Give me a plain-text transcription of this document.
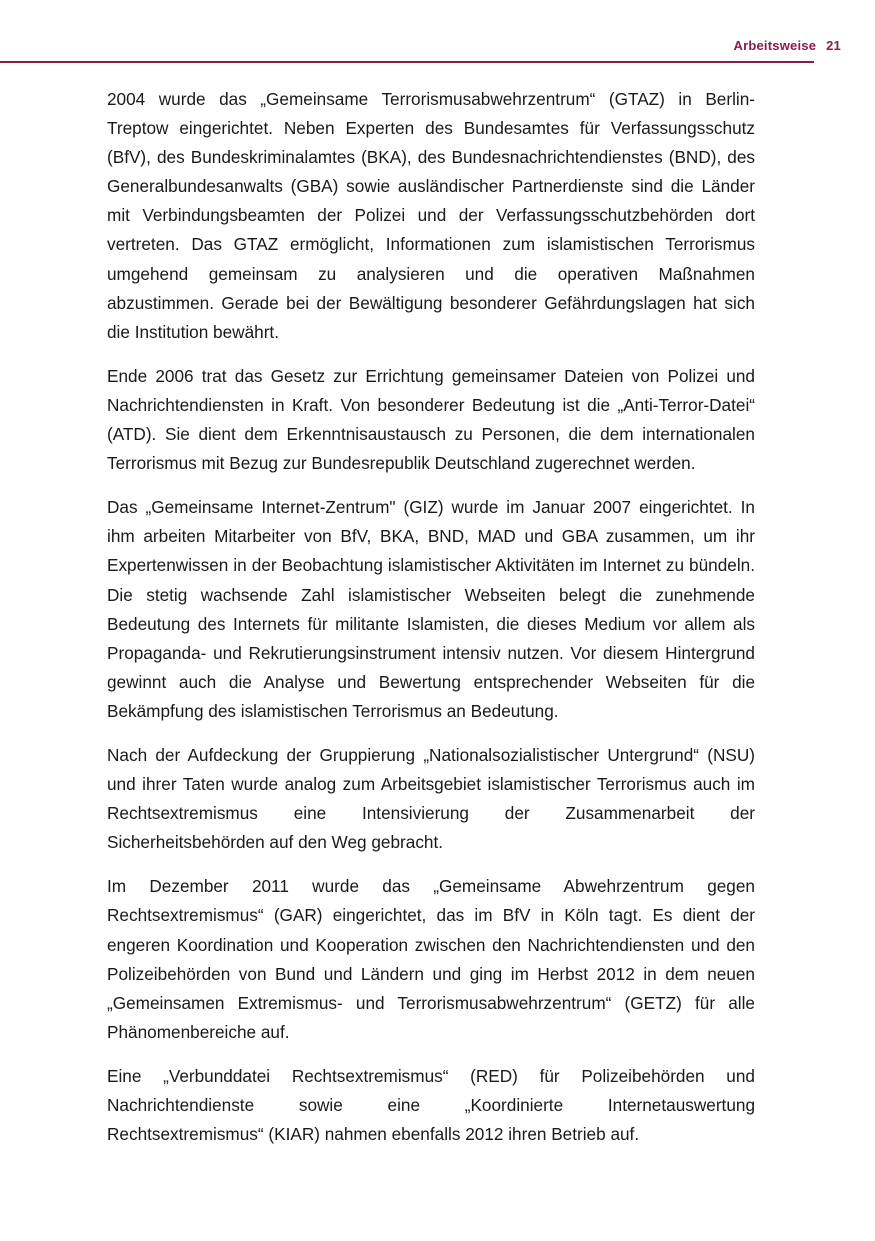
Arbeitsweise 21

2004 wurde das „Gemeinsame Terrorismusabwehrzentrum“ (GTAZ) in Berlin-Treptow eingerichtet. Neben Experten des Bundesamtes für Verfassungsschutz (BfV), des Bundeskriminalamtes (BKA), des Bundesnachrichtendienstes (BND), des Generalbundesanwalts (GBA) sowie ausländischer Partnerdienste sind die Länder mit Verbindungsbeamten der Polizei und der Verfassungsschutzbehörden dort vertreten. Das GTAZ ermöglicht, Informationen zum islamistischen Terrorismus umgehend gemeinsam zu analysieren und die operativen Maßnahmen abzustimmen. Gerade bei der Bewältigung besonderer Gefährdungslagen hat sich die Institution bewährt.

Ende 2006 trat das Gesetz zur Errichtung gemeinsamer Dateien von Polizei und Nachrichtendiensten in Kraft. Von besonderer Bedeutung ist die „Anti-Terror-Datei“ (ATD). Sie dient dem Erkenntnisaustausch zu Personen, die dem internationalen Terrorismus mit Bezug zur Bundesrepublik Deutschland zugerechnet werden.

Das „Gemeinsame Internet-Zentrum" (GIZ) wurde im Januar 2007 eingerichtet. In ihm arbeiten Mitarbeiter von BfV, BKA, BND, MAD und GBA zusammen, um ihr Expertenwissen in der Beobachtung islamistischer Aktivitäten im Internet zu bündeln. Die stetig wachsende Zahl islamistischer Webseiten belegt die zunehmende Bedeutung des Internets für militante Islamisten, die dieses Medium vor allem als Propaganda- und Rekrutierungsinstrument intensiv nutzen. Vor diesem Hintergrund gewinnt auch die Analyse und Bewertung entsprechender Webseiten für die Bekämpfung des islamistischen Terrorismus an Bedeutung.

Nach der Aufdeckung der Gruppierung „Nationalsozialistischer Untergrund“ (NSU) und ihrer Taten wurde analog zum Arbeitsgebiet islamistischer Terrorismus auch im Rechtsextremismus eine Intensivierung der Zusammenarbeit der Sicherheitsbehörden auf den Weg gebracht.

Im Dezember 2011 wurde das „Gemeinsame Abwehrzentrum gegen Rechtsextremismus“ (GAR) eingerichtet, das im BfV in Köln tagt. Es dient der engeren Koordination und Kooperation zwischen den Nachrichtendiensten und den Polizeibehörden von Bund und Ländern und ging im Herbst 2012 in dem neuen „Gemeinsamen Extremismus- und Terrorismusabwehrzentrum“ (GETZ) für alle Phänomenbereiche auf.

Eine „Verbunddatei Rechtsextremismus“ (RED) für Polizeibehörden und Nachrichtendienste sowie eine „Koordinierte Internetauswertung Rechtsextremismus“ (KIAR) nahmen ebenfalls 2012 ihren Betrieb auf.
